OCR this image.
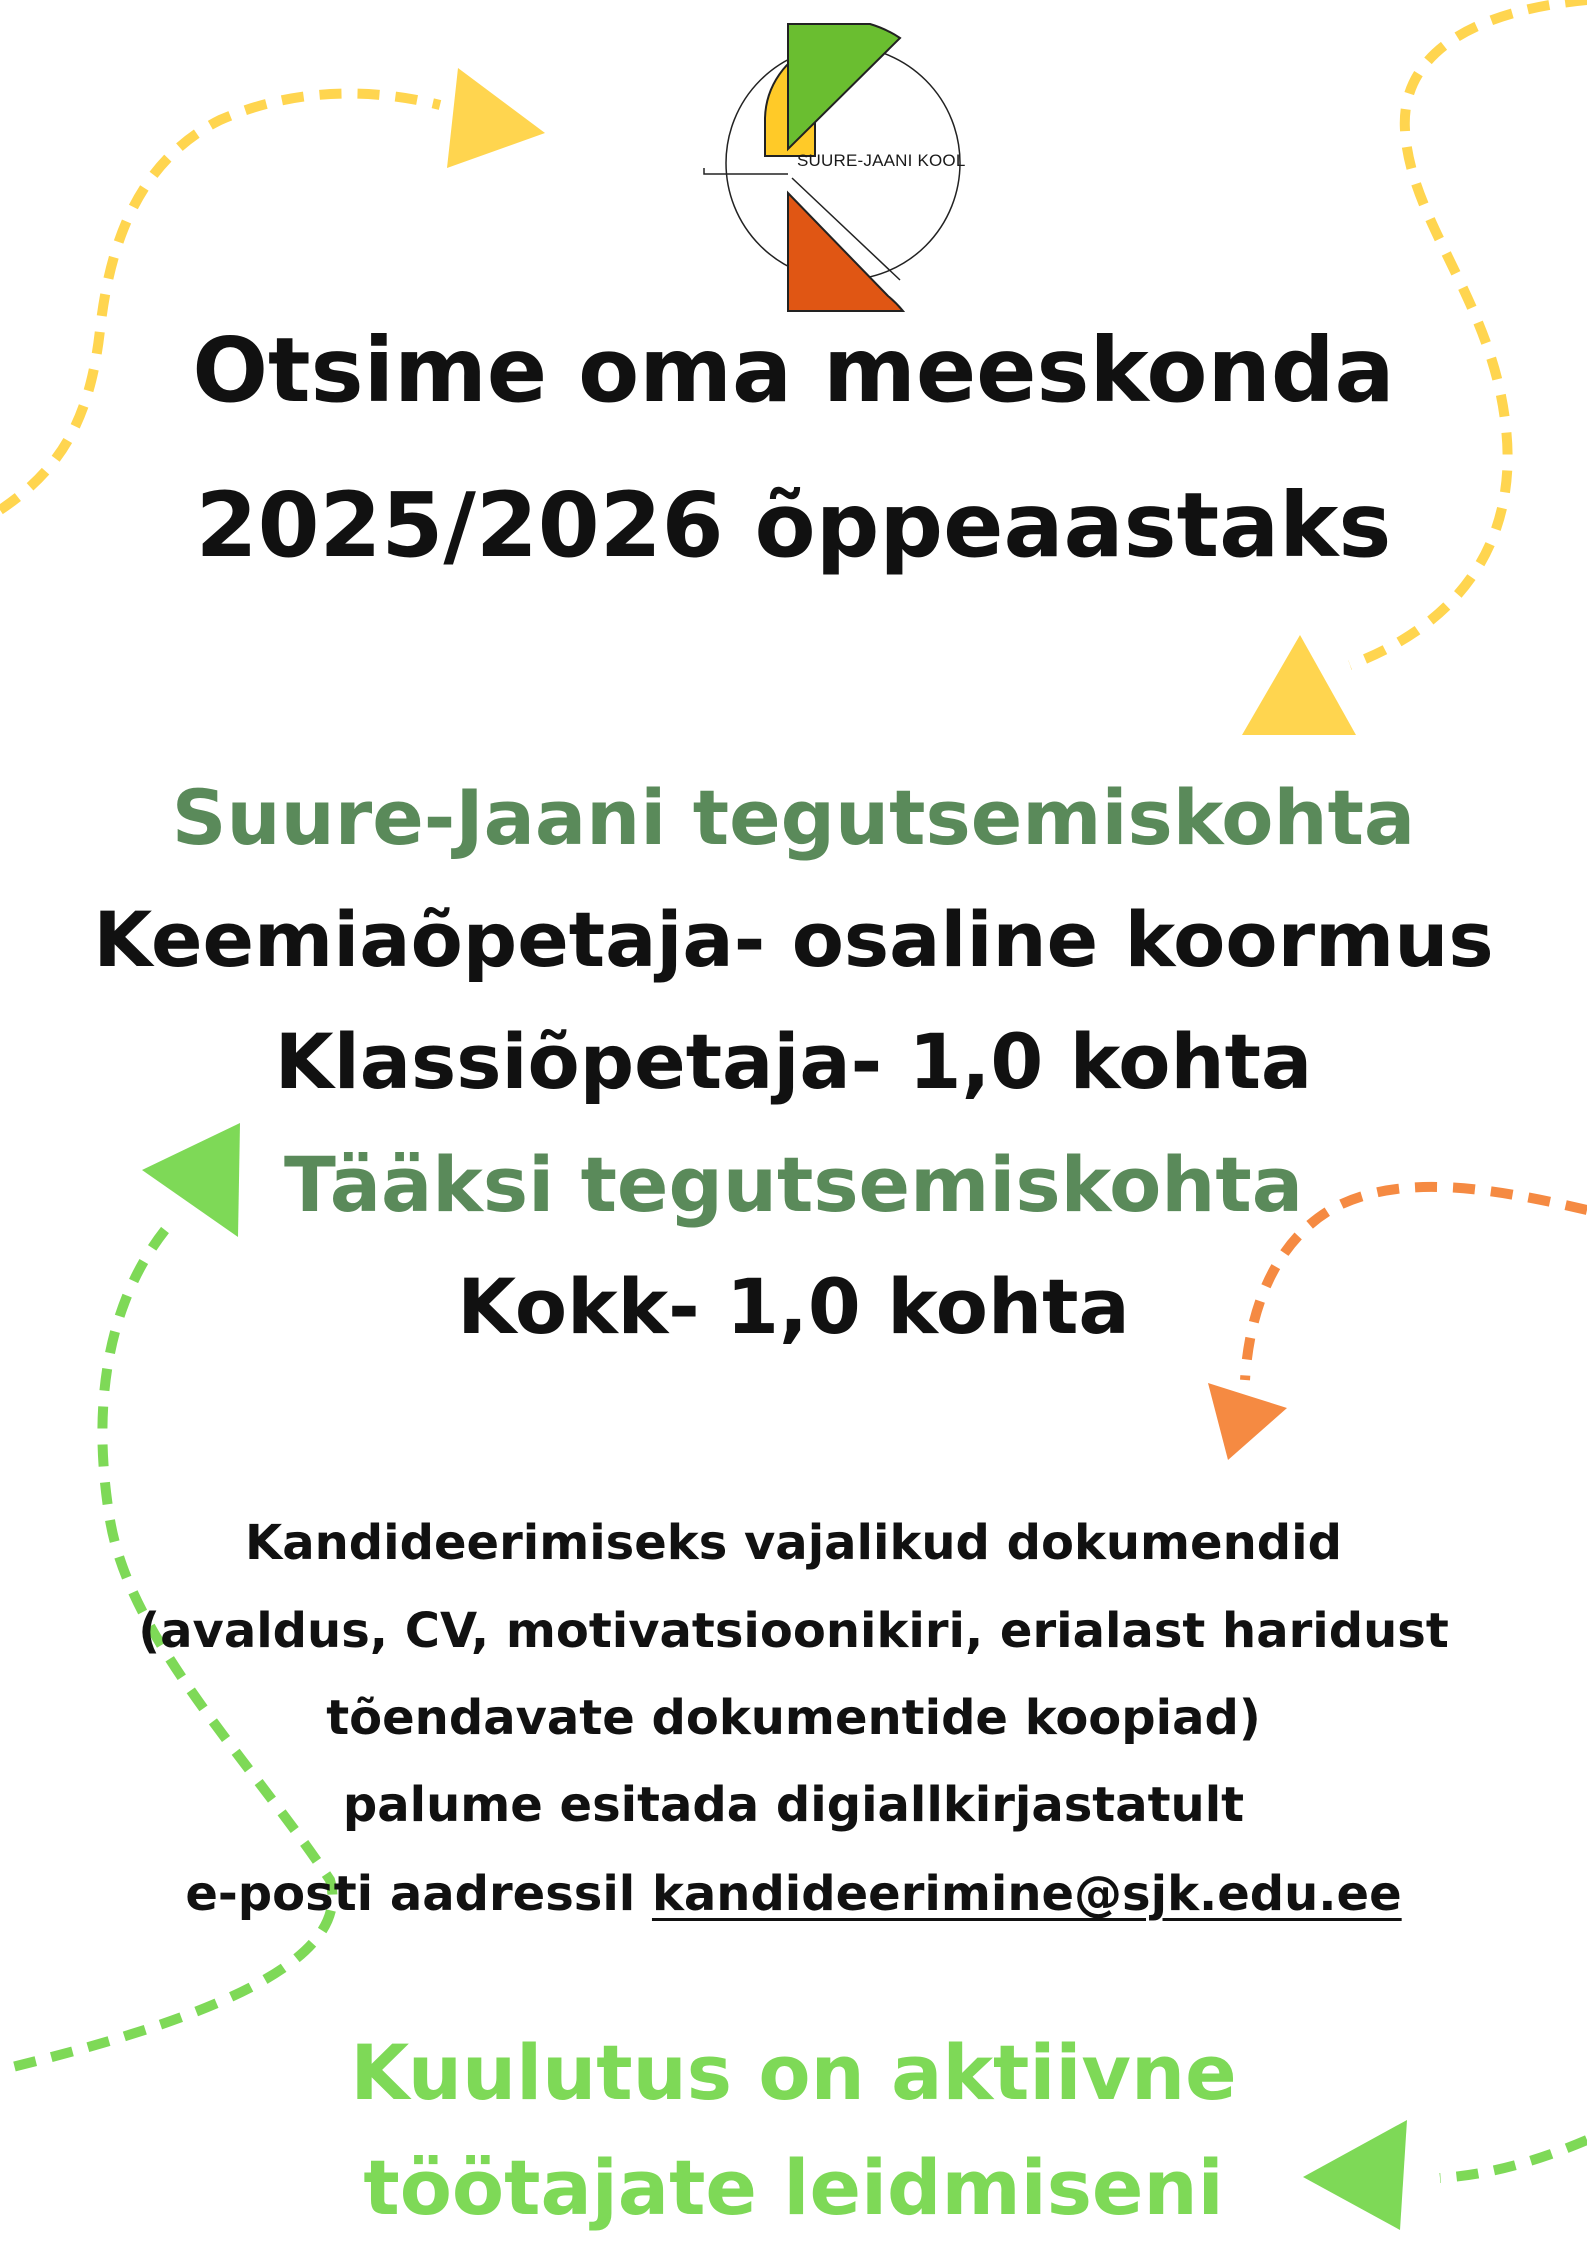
SUURE-JAANI KOOL
Otsime oma meeskonda
2025/2026 õppeaastaks
Suure-Jaani tegutsemiskohta
Keemiaõpetaja- osaline koormus
Klassiõpetaja- 1,0 kohta
Tääksi tegutsemiskohta
Kokk- 1,0 kohta
Kandideerimiseks vajalikud dokumendid
(avaldus, CV, motivatsioonikiri, erialast haridust
tõendavate dokumentide koopiad)
palume esitada digiallkirjastatult
e-posti aadressil kandideerimine@sjk.edu.ee
Kuulutus on aktiivne
töötajate leidmiseni
